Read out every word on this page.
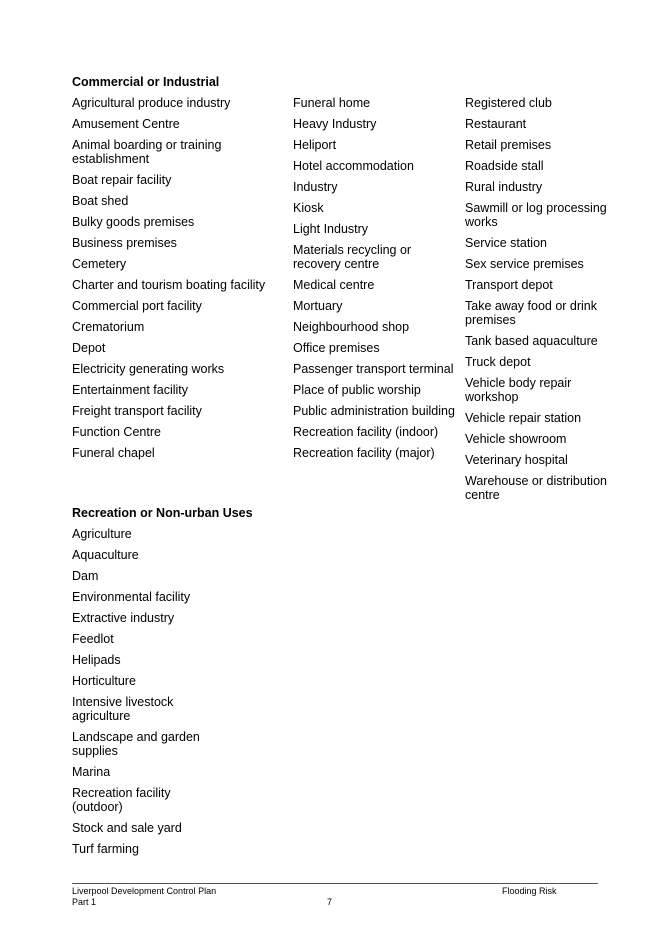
Commercial or Industrial
Agricultural produce industry
Amusement Centre
Animal boarding or training establishment
Boat repair facility
Boat shed
Bulky goods premises
Business premises
Cemetery
Charter and tourism boating facility
Commercial port facility
Crematorium
Depot
Electricity generating works
Entertainment facility
Freight transport facility
Function Centre
Funeral chapel
Funeral home
Heavy Industry
Heliport
Hotel accommodation
Industry
Kiosk
Light Industry
Materials recycling or recovery centre
Medical centre
Mortuary
Neighbourhood shop
Office premises
Passenger transport terminal
Place of public worship
Public administration building
Recreation facility (indoor)
Recreation facility (major)
Registered club
Restaurant
Retail premises
Roadside stall
Rural industry
Sawmill or log processing works
Service station
Sex service premises
Transport depot
Take away food or drink premises
Tank based aquaculture
Truck depot
Vehicle body repair workshop
Vehicle repair station
Vehicle showroom
Veterinary hospital
Warehouse or distribution centre
Recreation or Non-urban Uses
Agriculture
Aquaculture
Dam
Environmental facility
Extractive industry
Feedlot
Helipads
Horticulture
Intensive livestock agriculture
Landscape and garden supplies
Marina
Recreation facility (outdoor)
Stock and sale yard
Turf farming
Liverpool Development Control Plan
Part 1	7
Flooding Risk
